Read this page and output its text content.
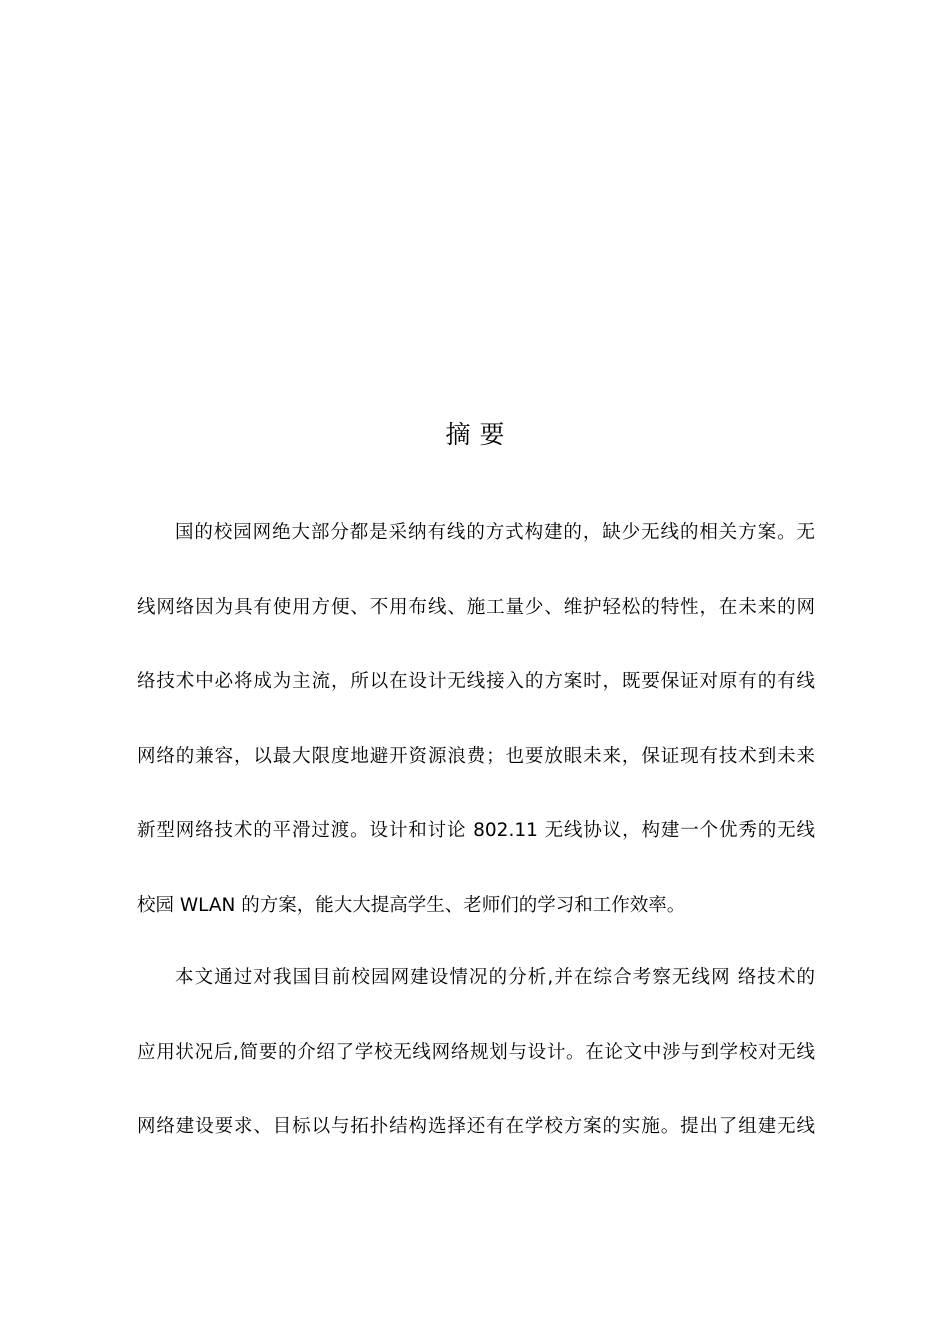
摘要
国的校园网绝大部分都是采纳有线的方式构建的，缺少无线的相关方案。无
线网络因为具有使用方便、不用布线、施工量少、维护轻松的特性，在未来的网
络技术中必将成为主流，所以在设计无线接入的方案时，既要保证对原有的有线
网络的兼容，以最大限度地避开资源浪费；也要放眼未来，保证现有技术到未来
新型网络技术的平滑过渡。设计和讨论 802.11 无线协议，构建一个优秀的无线
校园 WLAN 的方案，能大大提高学生、老师们的学习和工作效率。
本文通过对我国目前校园网建设情况的分析,并在综合考察无线网 络技术的
应用状况后,简要的介绍了学校无线网络规划与设计。在论文中涉与到学校对无线
网络建设要求、目标以与拓扑结构选择还有在学校方案的实施。提出了组建无线
